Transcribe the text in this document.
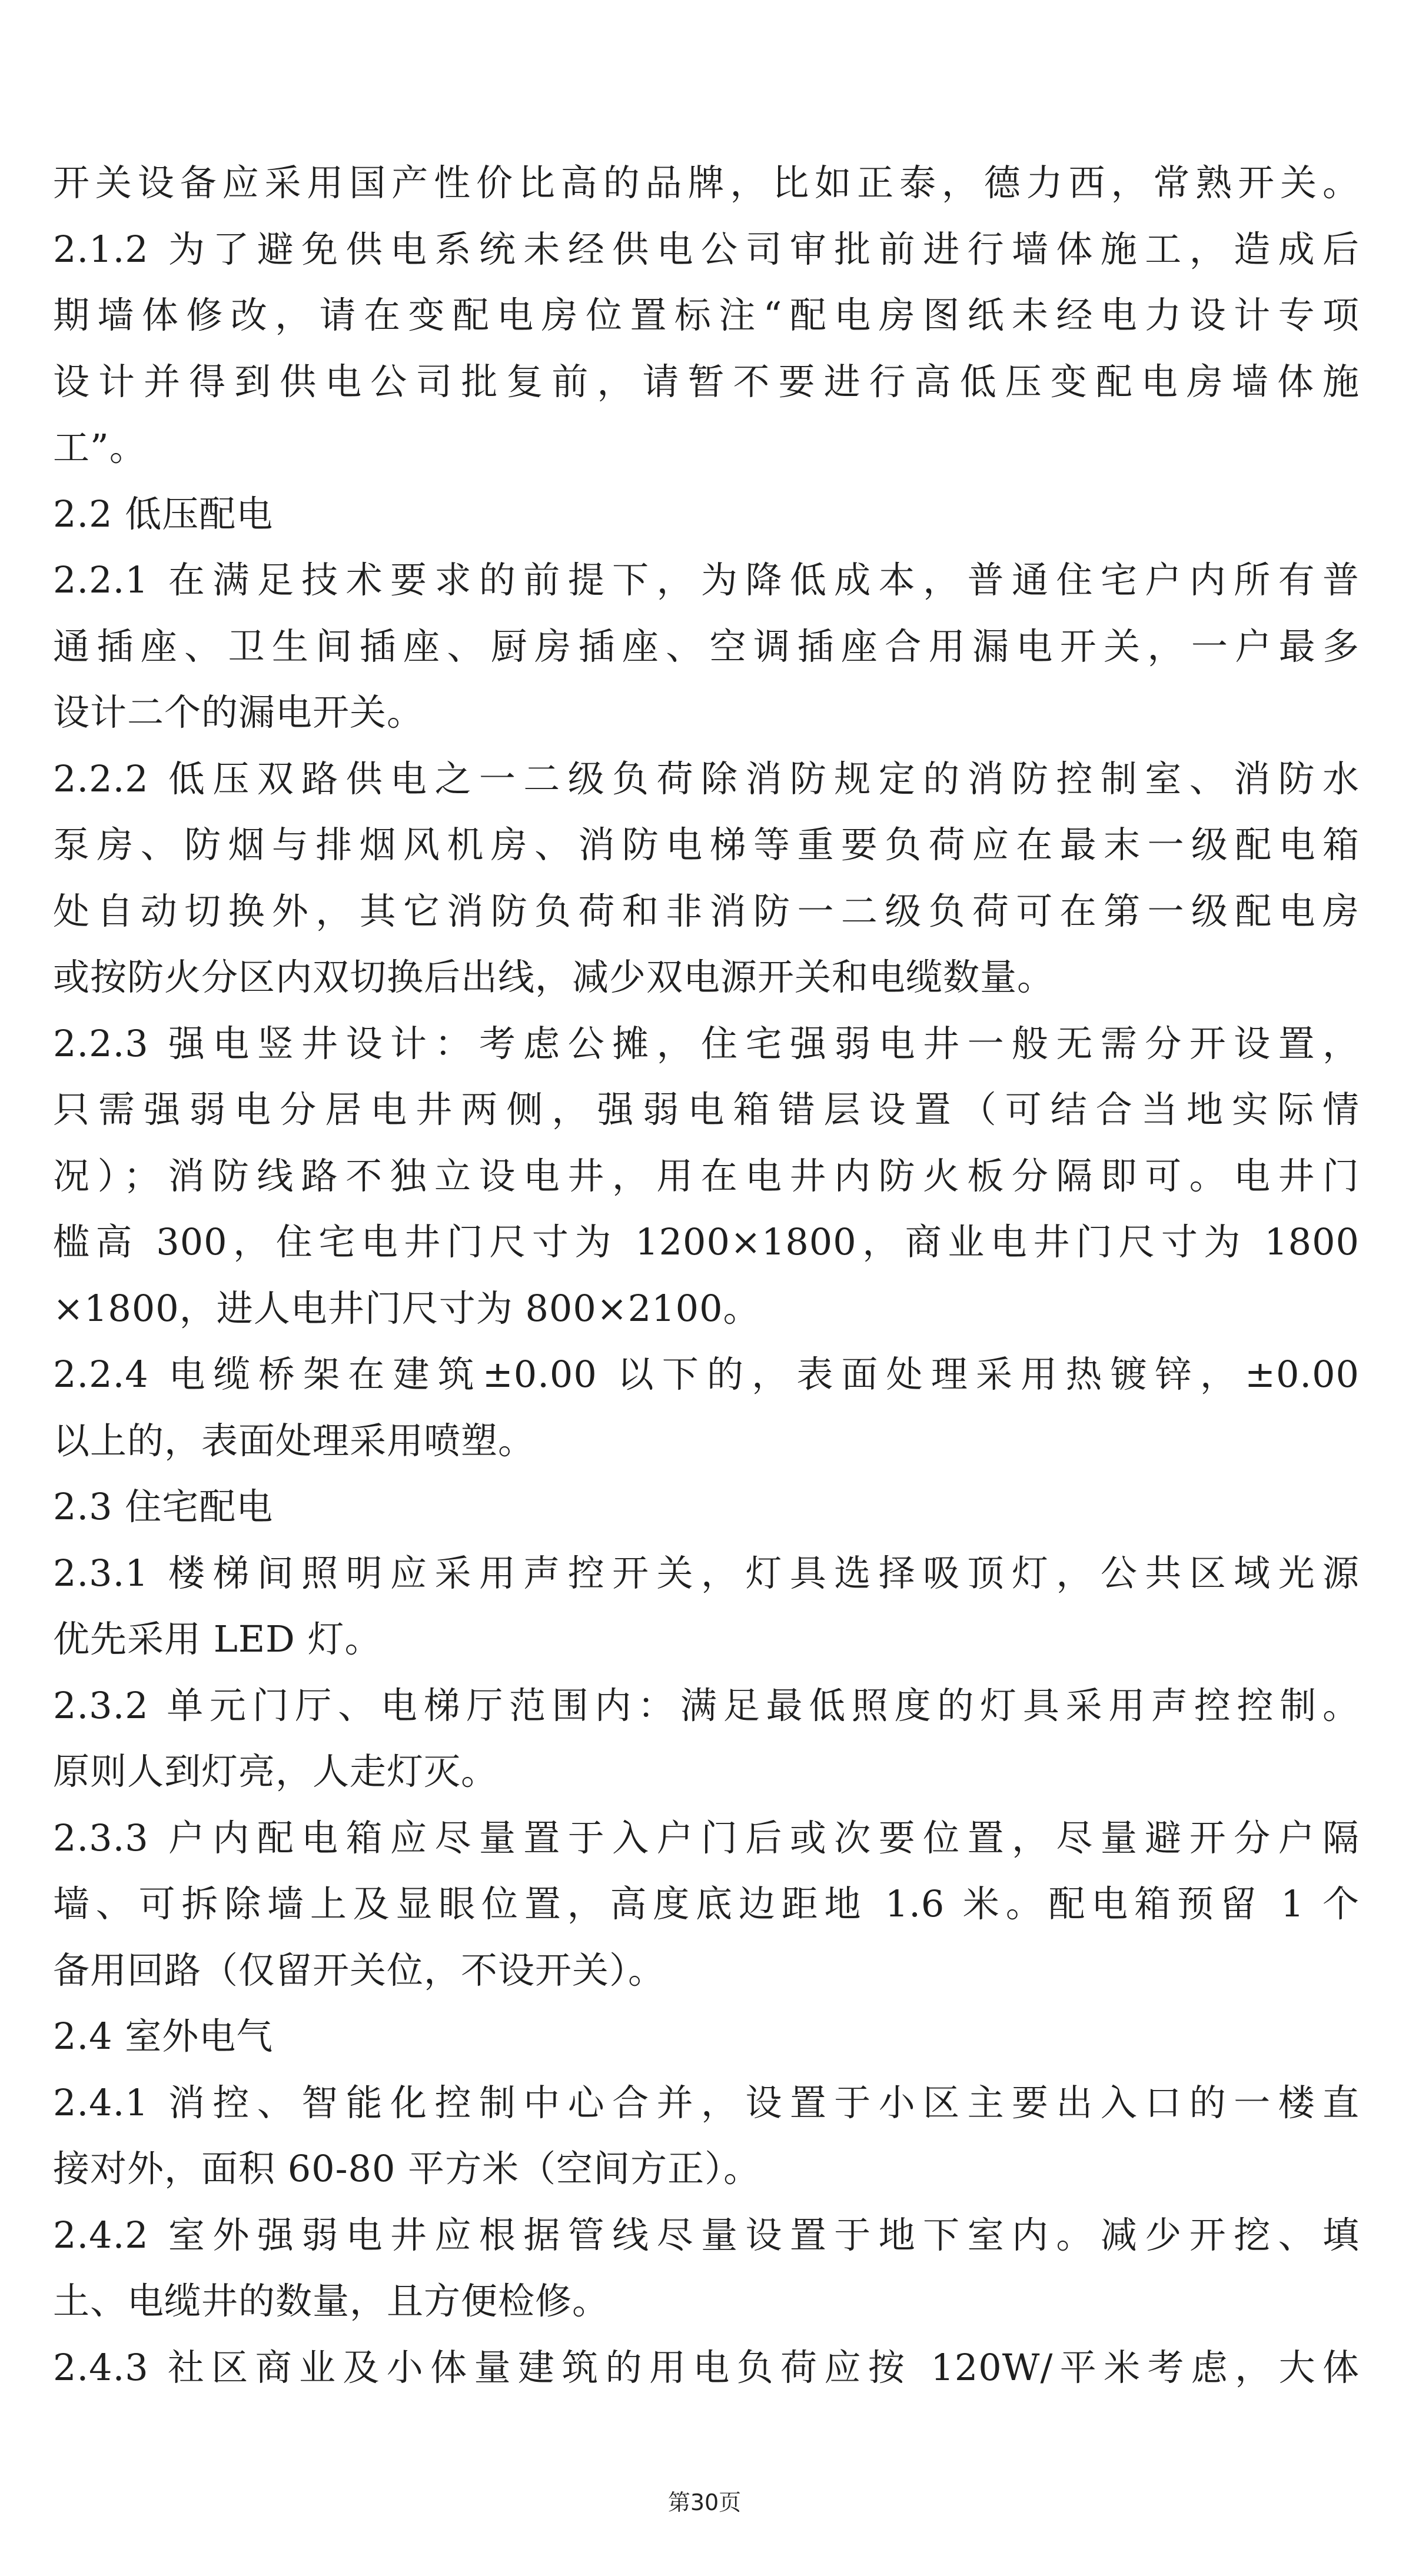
开关设备应采用国产性价比高的品牌，比如正泰，德力西，常熟开关。
2.1.2 为了避免供电系统未经供电公司审批前进行墙体施工，造成后
期墙体修改，请在变配电房位置标注“配电房图纸未经电力设计专项
设计并得到供电公司批复前，请暂不要进行高低压变配电房墙体施
工”。
2.2 低压配电
2.2.1 在满足技术要求的前提下，为降低成本，普通住宅户内所有普
通插座、卫生间插座、厨房插座、空调插座合用漏电开关，一户最多
设计二个的漏电开关。
2.2.2 低压双路供电之一二级负荷除消防规定的消防控制室、消防水
泵房、防烟与排烟风机房、消防电梯等重要负荷应在最末一级配电箱
处自动切换外，其它消防负荷和非消防一二级负荷可在第一级配电房
或按防火分区内双切换后出线，减少双电源开关和电缆数量。
2.2.3 强电竖井设计：考虑公摊，住宅强弱电井一般无需分开设置，
只需强弱电分居电井两侧，强弱电箱错层设置（可结合当地实际情
况）；消防线路不独立设电井，用在电井内防火板分隔即可。电井门
槛高 300，住宅电井门尺寸为 1200×1800，商业电井门尺寸为 1800
×1800，进人电井门尺寸为 800×2100。
2.2.4 电缆桥架在建筑±0.00 以下的，表面处理采用热镀锌，±0.00
以上的，表面处理采用喷塑。
2.3 住宅配电
2.3.1 楼梯间照明应采用声控开关，灯具选择吸顶灯，公共区域光源
优先采用 LED 灯。
2.3.2 单元门厅、电梯厅范围内：满足最低照度的灯具采用声控控制。
原则人到灯亮，人走灯灭。
2.3.3 户内配电箱应尽量置于入户门后或次要位置，尽量避开分户隔
墙、可拆除墙上及显眼位置，高度底边距地 1.6 米。配电箱预留 1 个
备用回路（仅留开关位，不设开关）。
2.4 室外电气
2.4.1 消控、智能化控制中心合并，设置于小区主要出入口的一楼直
接对外，面积 60-80 平方米（空间方正）。
2.4.2 室外强弱电井应根据管线尽量设置于地下室内。减少开挖、填
土、电缆井的数量，且方便检修。
2.4.3 社区商业及小体量建筑的用电负荷应按 120W/平米考虑，大体
第30页
